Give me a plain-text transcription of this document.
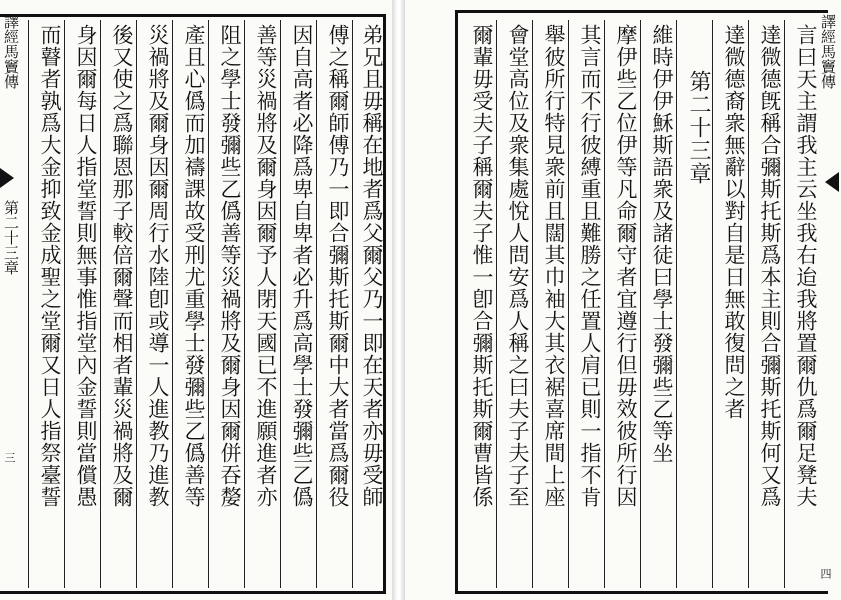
譯經馬竇傳
第二十三章
三	而瞽者孰爲大金抑致金成聖之堂爾又日人指祭臺誓 身因爾每日人指堂誓則無事惟指堂內金誓則當償愚 後又使之爲聯恩那子較倍爾聲而相者輩災禍將及爾 災禍將及爾身因爾周行水陸卽或導一人進教乃進教 產且心僞而加禱課故受刑尤重學士發彌些乙僞善等 阻之學士發彌些乙僞善等災禍將及爾身因爾併吞嫠 善等災禍將及爾身因爾予人閉天國已不進願進者亦 因自高者必降爲卑自卑者必升爲高學士發彌些乙僞 傅之稱爾師傅乃一即合彌斯托斯爾中大者當爲爾役 弟兄且毋稱在地者爲父爾父乃一即在天者亦毋受師	爾輩毋受夫子稱爾夫子惟一卽合彌斯托斯爾曹皆係 會堂高位及衆集處悅人問安爲人稱之曰夫子夫子至 舉彼所行特見衆前且闊其巾袖大其衣裾喜席間上座 其言而不行彼縛重且難勝之任置人肩已則一指不肯 摩伊些乙位伊等凡命爾守者宜遵行但毋效彼所行因 維時伊伊穌斯語衆及諸徒曰學士發彌些乙等坐 第二十三章 達微德裔衆無辭以對自是日無敢復問之者 達微德旣稱合彌斯托斯爲本主則合彌斯托斯何又爲 言曰天主謂我主云坐我右迨我將置爾仇爲爾足凳夫 譯經馬竇傳
四
